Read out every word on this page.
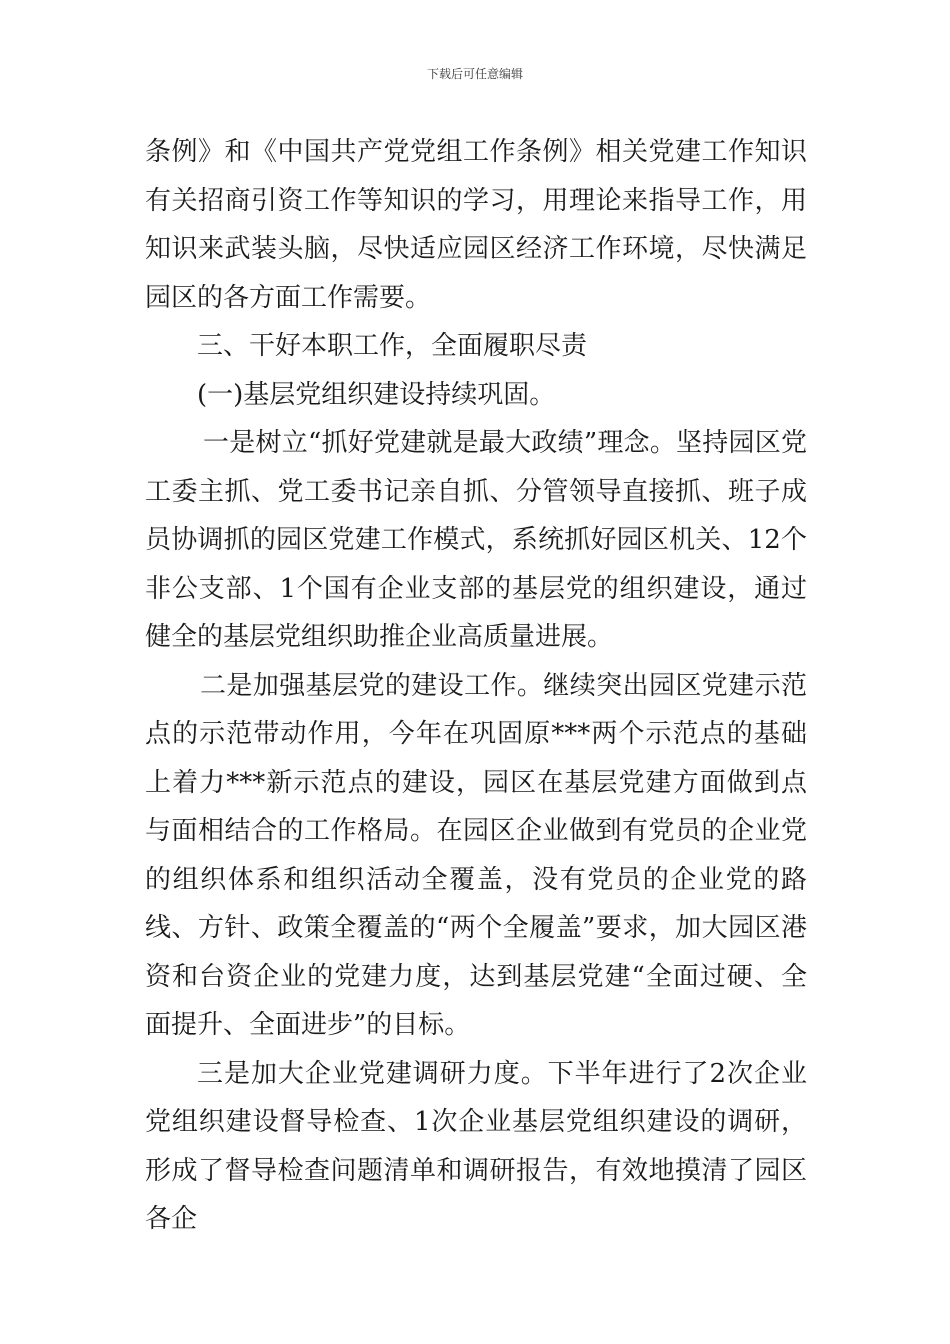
下载后可任意编辑

条例》和《中国共产党党组工作条例》相关党建工作知识有关招商引资工作等知识的学习，用理论来指导工作，用知识来武装头脑，尽快适应园区经济工作环境，尽快满足园区的各方面工作需要。

三、干好本职工作，全面履职尽责

(一)基层党组织建设持续巩固。

一是树立“抓好党建就是最大政绩”理念。坚持园区党工委主抓、党工委书记亲自抓、分管领导直接抓、班子成员协调抓的园区党建工作模式，系统抓好园区机关、12个非公支部、1个国有企业支部的基层党的组织建设，通过健全的基层党组织助推企业高质量进展。

二是加强基层党的建设工作。继续突出园区党建示范点的示范带动作用，今年在巩固原***两个示范点的基础上着力***新示范点的建设，园区在基层党建方面做到点与面相结合的工作格局。在园区企业做到有党员的企业党的组织体系和组织活动全覆盖，没有党员的企业党的路线、方针、政策全覆盖的“两个全履盖”要求，加大园区港资和台资企业的党建力度，达到基层党建“全面过硬、全面提升、全面进步”的目标。

三是加大企业党建调研力度。下半年进行了2次企业党组织建设督导检查、1次企业基层党组织建设的调研，形成了督导检查问题清单和调研报告，有效地摸清了园区各企
